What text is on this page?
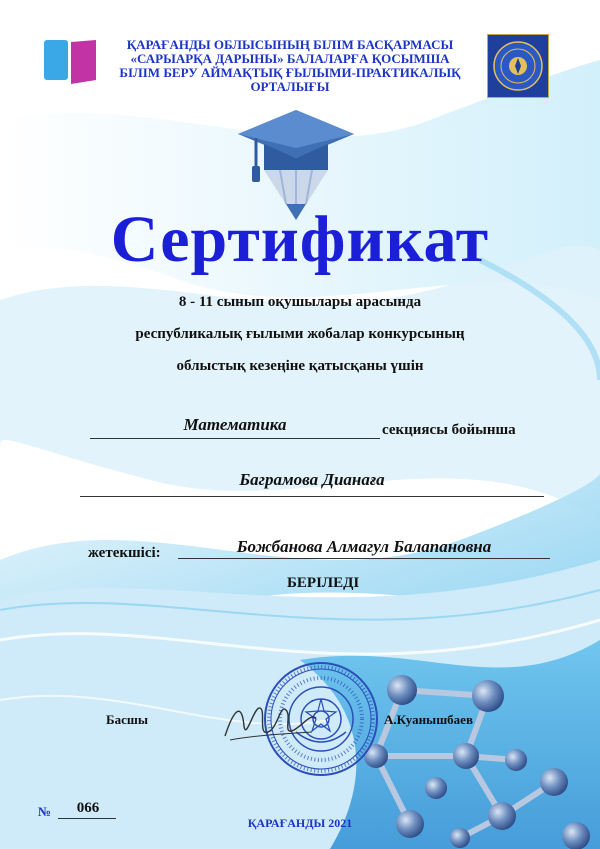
ҚАРАҒАНДЫ ОБЛЫСЫНЫҢ БІЛІМ БАСҚАРМАСЫ
«САРЫАРҚА ДАРЫНЫ» БАЛАЛАРҒА ҚОСЫМША
БІЛІМ БЕРУ АЙМАҚТЫҚ ҒЫЛЫМИ-ПРАКТИКАЛЫҚ
ОРТАЛЫҒЫ
Сертификат
8 - 11 сынып оқушылары арасында
республикалық ғылыми жобалар конкурсының
облыстық кезеңіне қатысқаны үшін
Математика	секциясы бойынша
Баграмова Дианаға
жетекшісі:	Божбанова Алмагул Балапановна
БЕРІЛЕДІ
Басшы	А.Куанышбаев
№	066
ҚАРАҒАНДЫ 2021
